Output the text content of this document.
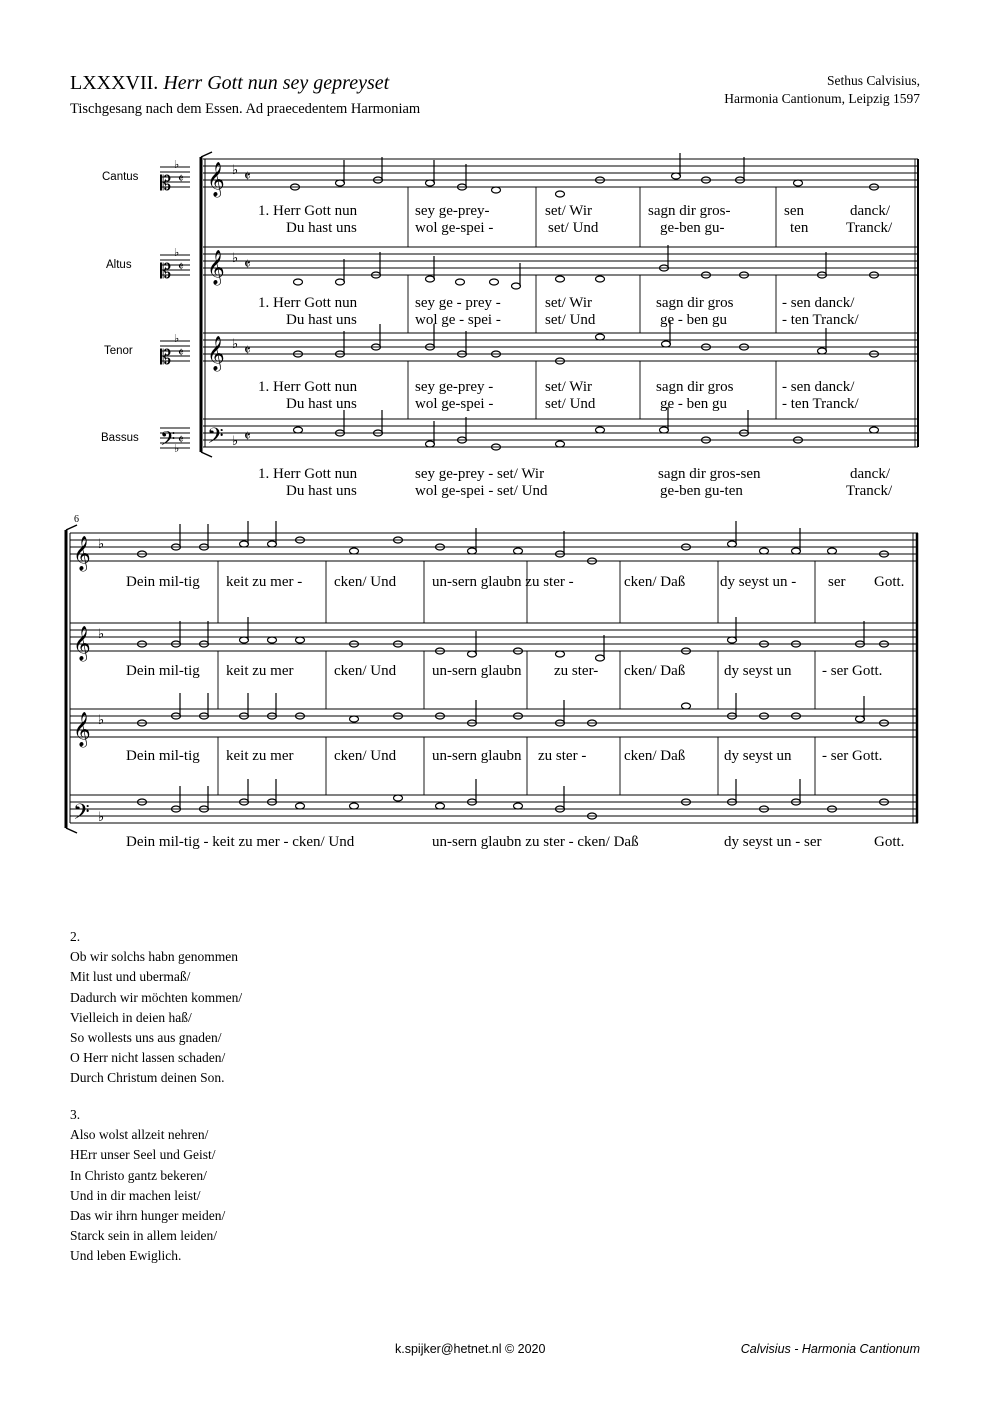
LXXXVII. Herr Gott nun sey gepreyset
Tischgesang nach dem Essen. Ad praecedentem Harmoniam
Sethus Calvisius,
Harmonia Cantionum, Leipzig 1597
Cantus
Altus
Tenor
Bassus
𝄡
𝄡
𝄡
𝄢
♭
♭
♭
♭
𝄵
𝄵
𝄵
𝄵
𝄞
𝄞
𝄞
𝄢
♭
♭
♭
♭
𝄵
𝄵
𝄵
𝄵
𝄞
𝄞
𝄞
𝄢
♭
♭
♭
♭
6
1. Herr Gott nun	sey ge-prey-	set/ Wir	sagn dir gros-	sen	danck/
Du hast uns	wol ge-spei -	set/ Und	ge-ben gu-	ten	Tranck/
1. Herr Gott nun	sey ge - prey -	set/ Wir	sagn dir gros	- sen danck/
Du hast uns	wol ge - spei -	set/ Und	ge - ben gu	- ten Tranck/
1. Herr Gott nun	sey ge-prey -	set/ Wir	sagn dir gros	- sen danck/
Du hast uns	wol ge-spei -	set/ Und	ge - ben gu	- ten Tranck/
1. Herr Gott nun	sey ge-prey - set/ Wir	sagn dir gros-sen	danck/
Du hast uns	wol ge-spei - set/ Und	ge-ben gu-ten	Tranck/
Dein mil-tig keit zu mer - cken/ Und un-sern glaubn zu ster -	cken/ Daß dy seyst un - ser Gott.
Dein mil-tig keit zu mer	cken/ Und un-sern glaubn zu ster- cken/ Daß	dy seyst un - ser Gott.
Dein mil-tig keit zu mer	cken/ Und un-sern glaubn zu ster -	cken/ Daß	dy seyst un - ser Gott.
Dein mil-tig - keit zu mer - cken/ Und	un-sern glaubn zu ster - cken/ Daß	dy seyst un - ser	Gott.
2.
Ob wir solchs habn genommen
Mit lust und ubermaß/
Dadurch wir möchten kommen/
Vielleich in deien haß/
So wollests uns aus gnaden/
O Herr nicht lassen schaden/
Durch Christum deinen Son.
3.
Also wolst allzeit nehren/
HErr unser Seel und Geist/
In Christo gantz bekeren/
Und in dir machen leist/
Das wir ihrn hunger meiden/
Starck sein in allem leiden/
Und leben Ewiglich.
k.spijker@hetnet.nl © 2020	Calvisius - Harmonia Cantionum
